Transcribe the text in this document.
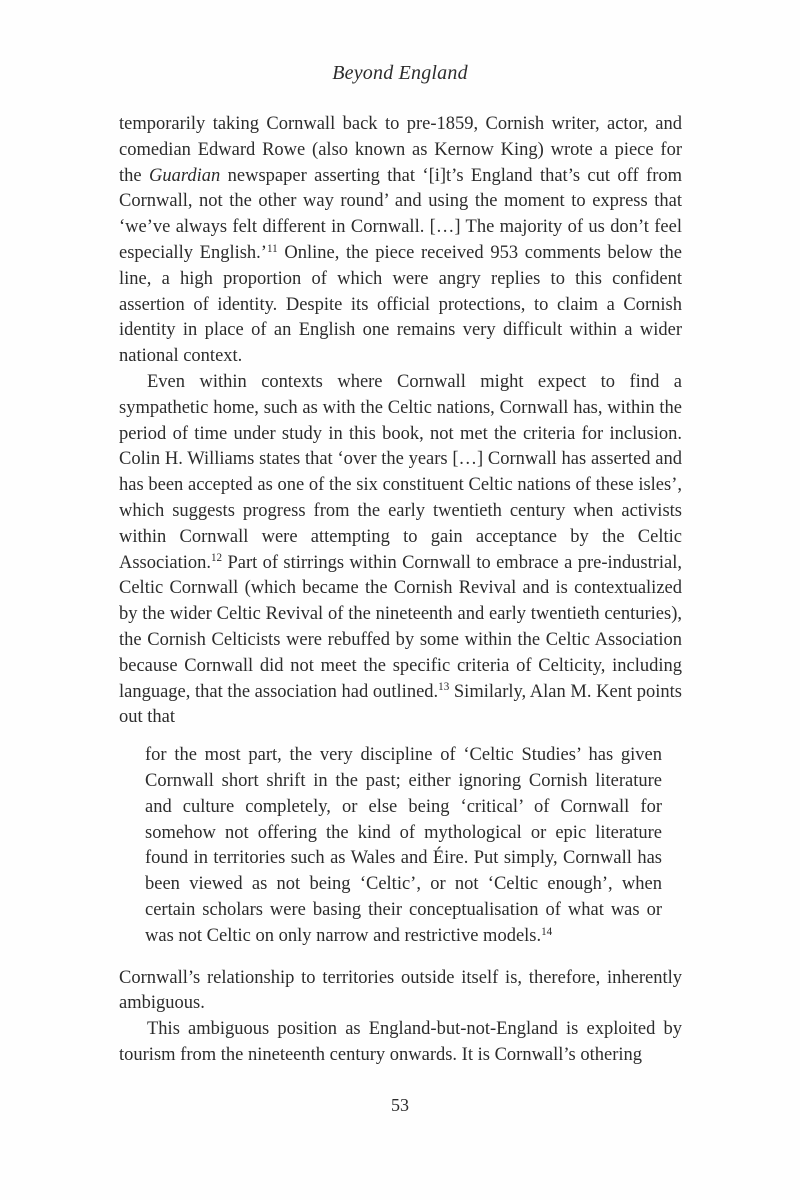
Beyond England

temporarily taking Cornwall back to pre-1859, Cornish writer, actor, and comedian Edward Rowe (also known as Kernow King) wrote a piece for the Guardian newspaper asserting that ‘[i]t’s England that’s cut off from Cornwall, not the other way round’ and using the moment to express that ‘we’ve always felt different in Cornwall. […] The majority of us don’t feel especially English.’$^{11}$ Online, the piece received 953 comments below the line, a high proportion of which were angry replies to this confident assertion of identity. Despite its official protections, to claim a Cornish identity in place of an English one remains very difficult within a wider national context.

Even within contexts where Cornwall might expect to find a sympathetic home, such as with the Celtic nations, Cornwall has, within the period of time under study in this book, not met the criteria for inclusion. Colin H. Williams states that ‘over the years […] Cornwall has asserted and has been accepted as one of the six constituent Celtic nations of these isles’, which suggests progress from the early twentieth century when activists within Cornwall were attempting to gain acceptance by the Celtic Association.$^{12}$ Part of stirrings within Cornwall to embrace a pre-industrial, Celtic Cornwall (which became the Cornish Revival and is contextualized by the wider Celtic Revival of the nineteenth and early twentieth centuries), the Cornish Celticists were rebuffed by some within the Celtic Association because Cornwall did not meet the specific criteria of Celticity, including language, that the association had outlined.$^{13}$ Similarly, Alan M. Kent points out that

for the most part, the very discipline of ‘Celtic Studies’ has given Cornwall short shrift in the past; either ignoring Cornish literature and culture completely, or else being ‘critical’ of Cornwall for somehow not offering the kind of mythological or epic literature found in territories such as Wales and Éire. Put simply, Cornwall has been viewed as not being ‘Celtic’, or not ‘Celtic enough’, when certain scholars were basing their conceptualisation of what was or was not Celtic on only narrow and restrictive models.$^{14}$

Cornwall’s relationship to territories outside itself is, therefore, inherently ambiguous.

This ambiguous position as England-but-not-England is exploited by tourism from the nineteenth century onwards. It is Cornwall’s othering

53
